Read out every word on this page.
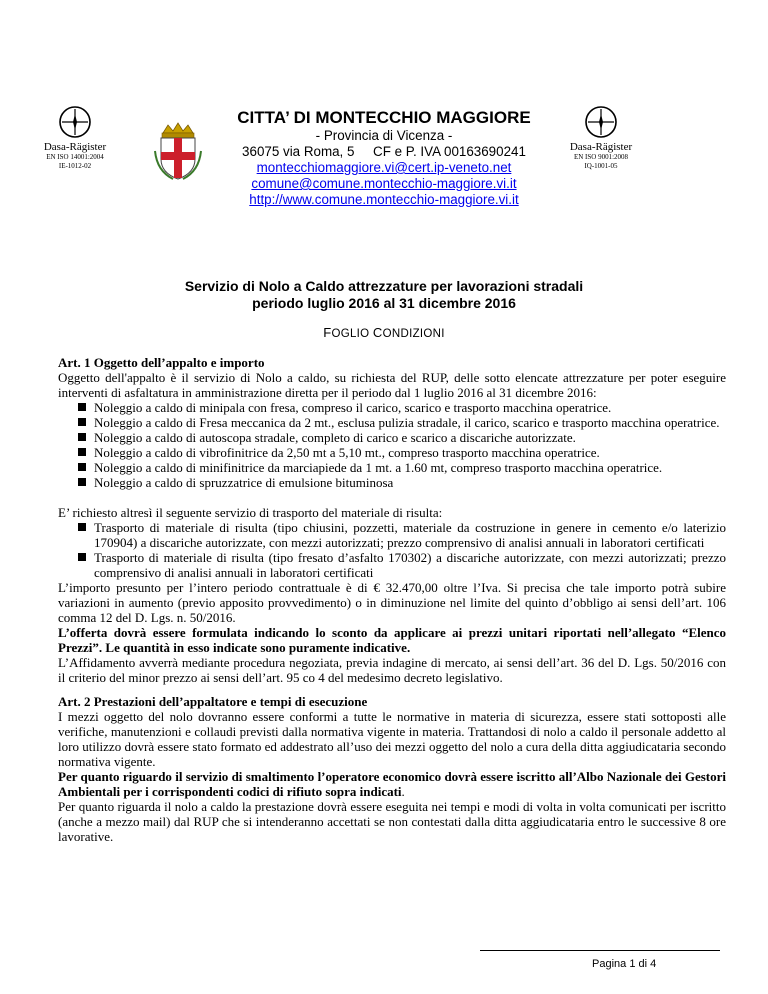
Dasa-Rägister
EN ISO 14001:2004
IE-1012-02
CITTA’ DI MONTECCHIO MAGGIORE
- Provincia di Vicenza -
36075 via Roma, 5     CF e P. IVA 00163690241
montecchiomaggiore.vi@cert.ip-veneto.net
comune@comune.montecchio-maggiore.vi.it
http://www.comune.montecchio-maggiore.vi.it
Dasa-Rägister
EN ISO 9001:2008
IQ-1001-05
Servizio di Nolo a Caldo attrezzature per lavorazioni stradali
periodo luglio 2016 al 31 dicembre 2016
FOGLIO CONDIZIONI

Art. 1 Oggetto dell’appalto e importo

Oggetto dell'appalto è il servizio di Nolo a caldo, su richiesta del RUP, delle sotto elencate attrezzature per poter eseguire interventi di asfaltatura in amministrazione diretta per il periodo dal 1 luglio 2016 al 31 dicembre 2016:

Noleggio a caldo di minipala con fresa, compreso il carico, scarico e trasporto macchina operatrice.
Noleggio a caldo di Fresa meccanica da 2 mt., esclusa pulizia stradale, il carico, scarico e trasporto macchina operatrice.
Noleggio a caldo di autoscopa stradale, completo di carico e scarico a discariche autorizzate.
Noleggio a caldo di vibrofinitrice da 2,50 mt a 5,10 mt., compreso trasporto macchina operatrice.
Noleggio a caldo di minifinitrice da marciapiede da 1 mt. a 1.60 mt, compreso trasporto macchina operatrice.
Noleggio a caldo di spruzzatrice di emulsione bituminosa

E’ richiesto altresì il seguente servizio di trasporto del materiale di risulta:

Trasporto di materiale di risulta (tipo chiusini, pozzetti, materiale da costruzione in genere in cemento e/o laterizio 170904) a discariche autorizzate, con mezzi autorizzati; prezzo comprensivo di analisi annuali in laboratori certificati
Trasporto di materiale di risulta (tipo fresato d’asfalto 170302) a discariche autorizzate, con mezzi autorizzati; prezzo comprensivo di analisi annuali in laboratori certificati

L’importo presunto per l’intero periodo contrattuale è di € 32.470,00 oltre l’Iva. Si precisa che tale importo potrà subire variazioni in aumento (previo apposito provvedimento) o in diminuzione nel limite del quinto d’obbligo ai sensi dell’art. 106 comma 12 del D. Lgs. n. 50/2016.

L’offerta dovrà essere formulata indicando lo sconto da applicare ai prezzi unitari riportati nell’allegato “Elenco Prezzi”. Le quantità in esso indicate sono puramente indicative.

L’Affidamento avverrà mediante procedura negoziata, previa indagine di mercato, ai sensi dell’art. 36 del D. Lgs. 50/2016 con il criterio del minor prezzo ai sensi dell’art. 95 co 4 del medesimo decreto legislativo.

Art. 2 Prestazioni dell’appaltatore e tempi di esecuzione

I mezzi oggetto del nolo dovranno essere conformi a tutte le normative in materia di sicurezza, essere stati sottoposti alle verifiche, manutenzioni e collaudi previsti dalla normativa vigente in materia. Trattandosi di nolo a caldo il personale addetto al loro utilizzo dovrà essere stato formato ed addestrato all’uso dei mezzi oggetto del nolo a cura della ditta aggiudicataria secondo normativa vigente.

Per quanto riguardo il servizio di smaltimento l’operatore economico dovrà essere iscritto all’Albo Nazionale dei Gestori Ambientali per i corrispondenti codici di rifiuto sopra indicati.

Per quanto riguarda il nolo a caldo la prestazione dovrà essere eseguita nei tempi e modi di volta in volta comunicati per iscritto (anche a mezzo mail) dal RUP che si intenderanno accettati se non contestati dalla ditta aggiudicataria entro le successive 8 ore lavorative.

Pagina 1 di 4
